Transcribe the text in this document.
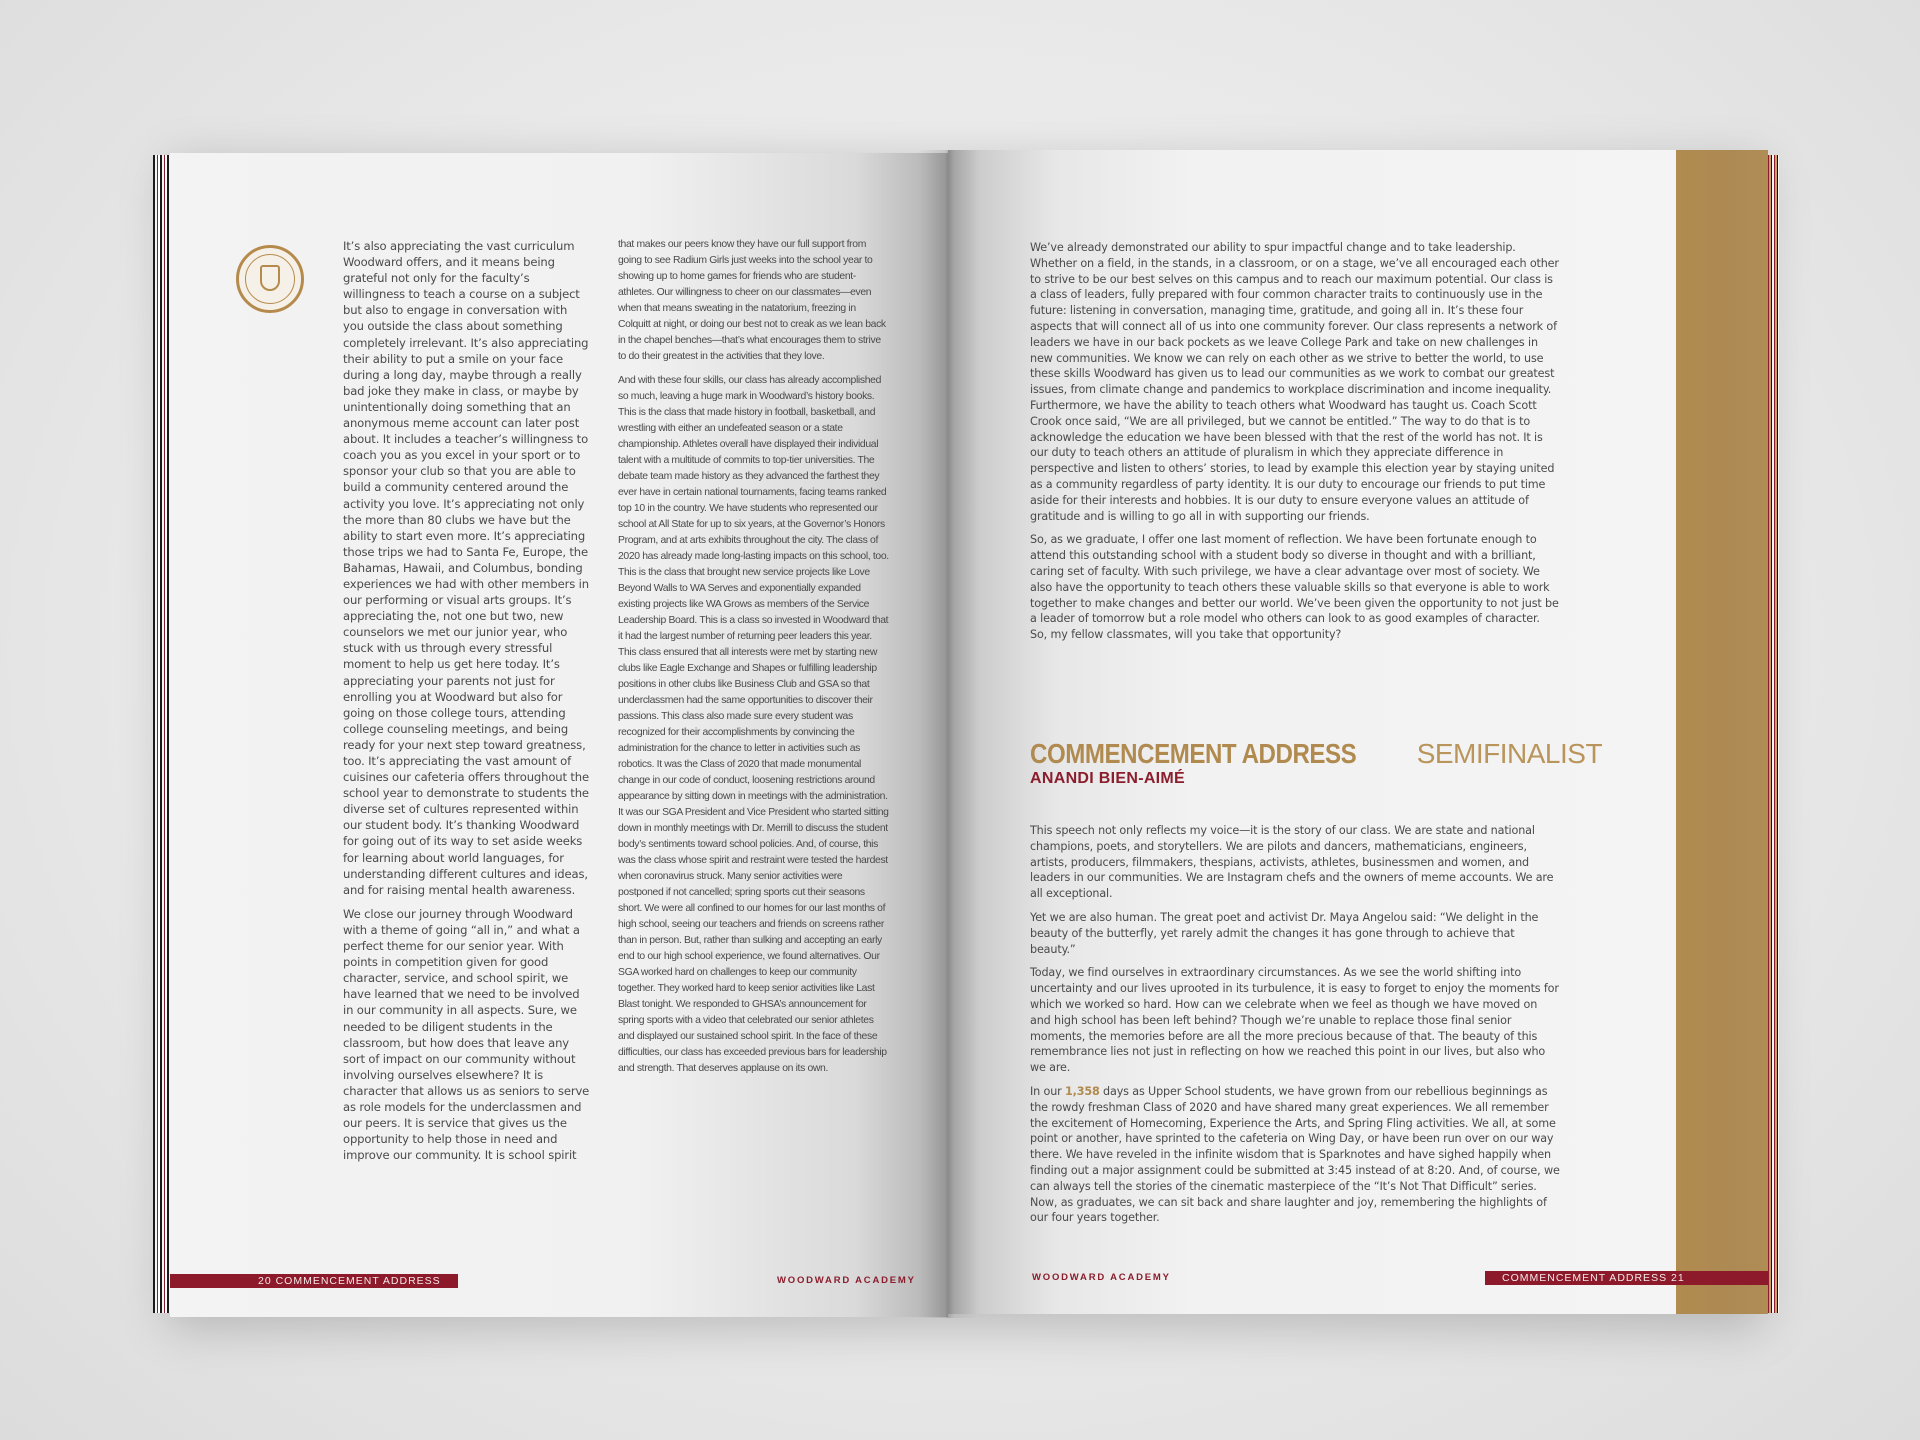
It’s also appreciating the vast curriculum Woodward offers, and it means being grateful not only for the faculty’s willingness to teach a course on a subject but also to engage in conversation with you outside the class about something completely irrelevant. It’s also appreciating their ability to put a smile on your face during a long day, maybe through a really bad joke they make in class, or maybe by unintentionally doing something that an anonymous meme account can later post about. It includes a teacher’s willingness to coach you as you excel in your sport or to sponsor your club so that you are able to build a community centered around the activity you love. It’s appreciating not only the more than 80 clubs we have but the ability to start even more. It’s appreciating those trips we had to Santa Fe, Europe, the Bahamas, Hawaii, and Columbus, bonding experiences we had with other members in our performing or visual arts groups. It’s appreciating the, not one but two, new counselors we met our junior year, who stuck with us through every stressful moment to help us get here today. It’s appreciating your parents not just for enrolling you at Woodward but also for going on those college tours, attending college counseling meetings, and being ready for your next step toward greatness, too. It’s appreciating the vast amount of cuisines our cafeteria offers throughout the school year to demonstrate to students the diverse set of cultures represented within our student body. It’s thanking Woodward for going out of its way to set aside weeks for learning about world languages, for understanding different cultures and ideas, and for raising mental health awareness.

We close our journey through Woodward with a theme of going “all in,” and what a perfect theme for our senior year. With points in competition given for good character, service, and school spirit, we have learned that we need to be involved in our community in all aspects. Sure, we needed to be diligent students in the classroom, but how does that leave any sort of impact on our community without involving ourselves elsewhere? It is character that allows us as seniors to serve as role models for the underclassmen and our peers. It is service that gives us the opportunity to help those in need and improve our community. It is school spirit

that makes our peers know they have our full support from going to see Radium Girls just weeks into the school year to showing up to home games for friends who are student-athletes. Our willingness to cheer on our classmates—even when that means sweating in the natatorium, freezing in Colquitt at night, or doing our best not to creak as we lean back in the chapel benches—that’s what encourages them to strive to do their greatest in the activities that they love.

And with these four skills, our class has already accomplished so much, leaving a huge mark in Woodward’s history books. This is the class that made history in football, basketball, and wrestling with either an undefeated season or a state championship. Athletes overall have displayed their individual talent with a multitude of commits to top-tier universities. The debate team made history as they advanced the farthest they ever have in certain national tournaments, facing teams ranked top 10 in the country. We have students who represented our school at All State for up to six years, at the Governor’s Honors Program, and at arts exhibits throughout the city. The class of 2020 has already made long-lasting impacts on this school, too. This is the class that brought new service projects like Love Beyond Walls to WA Serves and exponentially expanded existing projects like WA Grows as members of the Service Leadership Board. This is a class so invested in Woodward that it had the largest number of returning peer leaders this year. This class ensured that all interests were met by starting new clubs like Eagle Exchange and Shapes or fulfilling leadership positions in other clubs like Business Club and GSA so that underclassmen had the same opportunities to discover their passions. This class also made sure every student was recognized for their accomplishments by convincing the administration for the chance to letter in activities such as robotics. It was the Class of 2020 that made monumental change in our code of conduct, loosening restrictions around appearance by sitting down in meetings with the administration. It was our SGA President and Vice President who started sitting down in monthly meetings with Dr. Merrill to discuss the student body’s sentiments toward school policies. And, of course, this was the class whose spirit and restraint were tested the hardest when coronavirus struck. Many senior activities were postponed if not cancelled; spring sports cut their seasons short. We were all confined to our homes for our last months of high school, seeing our teachers and friends on screens rather than in person. But, rather than sulking and accepting an early end to our high school experience, we found alternatives. Our SGA worked hard on challenges to keep our community together. They worked hard to keep senior activities like Last Blast tonight. We responded to GHSA’s announcement for spring sports with a video that celebrated our senior athletes and displayed our sustained school spirit. In the face of these difficulties, our class has exceeded previous bars for leadership and strength. That deserves applause on its own.

20 COMMENCEMENT ADDRESS	WOODWARD ACADEMY

We’ve already demonstrated our ability to spur impactful change and to take leadership. Whether on a field, in the stands, in a classroom, or on a stage, we’ve all encouraged each other to strive to be our best selves on this campus and to reach our maximum potential. Our class is a class of leaders, fully prepared with four common character traits to continuously use in the future: listening in conversation, managing time, gratitude, and going all in. It’s these four aspects that will connect all of us into one community forever. Our class represents a network of leaders we have in our back pockets as we leave College Park and take on new challenges in new communities. We know we can rely on each other as we strive to better the world, to use these skills Woodward has given us to lead our communities as we work to combat our greatest issues, from climate change and pandemics to workplace discrimination and income inequality. Furthermore, we have the ability to teach others what Woodward has taught us. Coach Scott Crook once said, “We are all privileged, but we cannot be entitled.” The way to do that is to acknowledge the education we have been blessed with that the rest of the world has not. It is our duty to teach others an attitude of pluralism in which they appreciate difference in perspective and listen to others’ stories, to lead by example this election year by staying united as a community regardless of party identity. It is our duty to encourage our friends to put time aside for their interests and hobbies. It is our duty to ensure everyone values an attitude of gratitude and is willing to go all in with supporting our friends.

So, as we graduate, I offer one last moment of reflection. We have been fortunate enough to attend this outstanding school with a student body so diverse in thought and with a brilliant, caring set of faculty. With such privilege, we have a clear advantage over most of society. We also have the opportunity to teach others these valuable skills so that everyone is able to work together to make changes and better our world. We’ve been given the opportunity to not just be a leader of tomorrow but a role model who others can look to as good examples of character. So, my fellow classmates, will you take that opportunity?

COMMENCEMENT ADDRESS SEMIFINALIST
ANANDI BIEN-AIMÉ

This speech not only reflects my voice—it is the story of our class. We are state and national champions, poets, and storytellers. We are pilots and dancers, mathematicians, engineers, artists, producers, filmmakers, thespians, activists, athletes, businessmen and women, and leaders in our communities. We are Instagram chefs and the owners of meme accounts. We are all exceptional.

Yet we are also human. The great poet and activist Dr. Maya Angelou said: “We delight in the beauty of the butterfly, yet rarely admit the changes it has gone through to achieve that beauty.”

Today, we find ourselves in extraordinary circumstances. As we see the world shifting into uncertainty and our lives uprooted in its turbulence, it is easy to forget to enjoy the moments for which we worked so hard. How can we celebrate when we feel as though we have moved on and high school has been left behind? Though we’re unable to replace those final senior moments, the memories before are all the more precious because of that. The beauty of this remembrance lies not just in reflecting on how we reached this point in our lives, but also who we are.

In our 1,358 days as Upper School students, we have grown from our rebellious beginnings as the rowdy freshman Class of 2020 and have shared many great experiences. We all remember the excitement of Homecoming, Experience the Arts, and Spring Fling activities. We all, at some point or another, have sprinted to the cafeteria on Wing Day, or have been run over on our way there. We have reveled in the infinite wisdom that is Sparknotes and have sighed happily when finding out a major assignment could be submitted at 3:45 instead of at 8:20. And, of course, we can always tell the stories of the cinematic masterpiece of the “It’s Not That Difficult” series. Now, as graduates, we can sit back and share laughter and joy, remembering the highlights of our four years together.

WOODWARD ACADEMY	COMMENCEMENT ADDRESS 21
